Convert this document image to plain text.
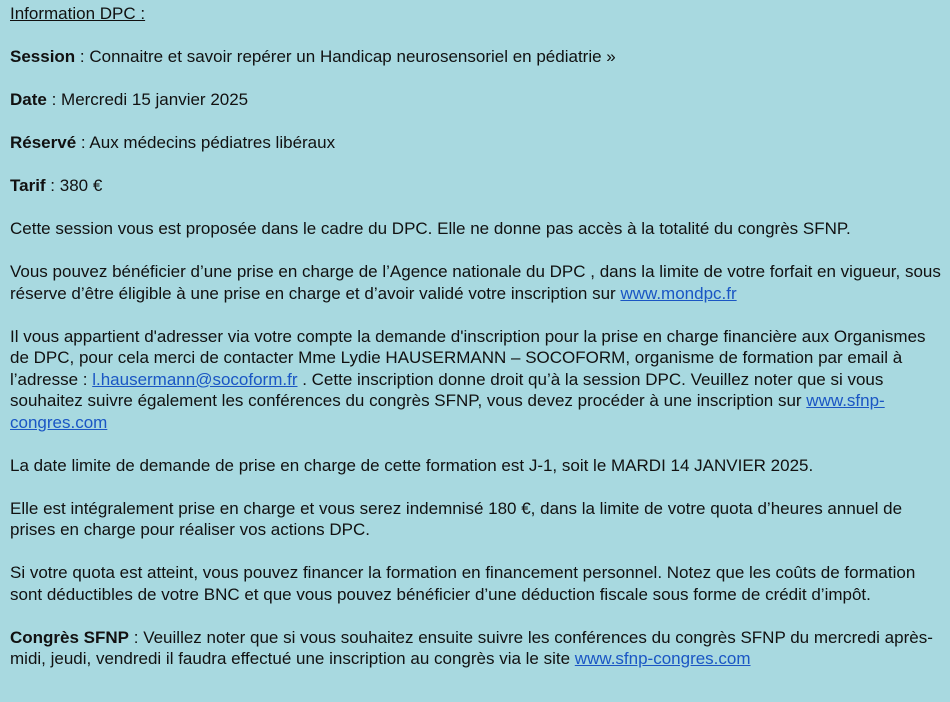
Information DPC :

Session : Connaitre et savoir repérer un Handicap neurosensoriel en pédiatrie »

Date : Mercredi 15 janvier 2025

Réservé : Aux médecins pédiatres libéraux

Tarif : 380 €

Cette session vous est proposée dans le cadre du DPC. Elle ne donne pas accès à la totalité du congrès SFNP.

Vous pouvez bénéficier d’une prise en charge de l’Agence nationale du DPC , dans la limite de votre forfait en vigueur, sous réserve d’être éligible à une prise en charge et d’avoir validé votre inscription sur www.mondpc.fr

Il vous appartient d'adresser via votre compte la demande d'inscription pour la prise en charge financière aux Organismes de DPC, pour cela merci de contacter Mme Lydie HAUSERMANN – SOCOFORM, organisme de formation par email à l’adresse : l.hausermann@socoform.fr . Cette inscription donne droit qu’à la session DPC. Veuillez noter que si vous souhaitez suivre également les conférences du congrès SFNP, vous devez procéder à une inscription sur www.sfnp-congres.com

La date limite de demande de prise en charge de cette formation est J-1, soit le MARDI 14 JANVIER 2025.

Elle est intégralement prise en charge et vous serez indemnisé 180 €, dans la limite de votre quota d’heures annuel de prises en charge pour réaliser vos actions DPC.

Si votre quota est atteint, vous pouvez financer la formation en financement personnel. Notez que les coûts de formation sont déductibles de votre BNC et que vous pouvez bénéficier d’une déduction fiscale sous forme de crédit d’impôt.

Congrès SFNP : Veuillez noter que si vous souhaitez ensuite suivre les conférences du congrès SFNP du mercredi après-midi, jeudi, vendredi il faudra effectué une inscription au congrès via le site www.sfnp-congres.com
